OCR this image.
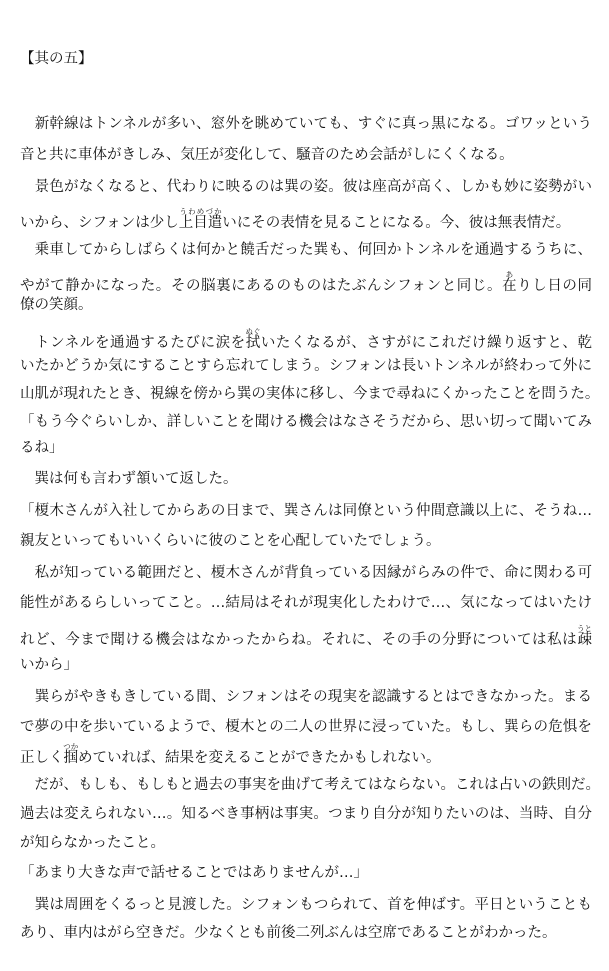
【其の五】
　新幹線はトンネルが多い、窓外を眺めていても、すぐに真っ黒になる。ゴワッという
音と共に車体がきしみ、気圧が変化して、騒音のため会話がしにくくなる。
　景色がなくなると、代わりに映るのは巽の姿。彼は座高が高く、しかも妙に姿勢がい
いから、シフォンは少し上目遣うわめづかいにその表情を見ることになる。今、彼は無表情だ。
　乗車してからしばらくは何かと饒舌だった巽も、何回かトンネルを通過するうちに、
やがて静かになった。その脳裏にあるのものはたぶんシフォンと同じ。在ありし日の同
僚の笑顔。
　トンネルを通過するたびに涙を拭ぬぐいたくなるが、さすがにこれだけ繰り返すと、乾
いたかどうか気にすることすら忘れてしまう。シフォンは長いトンネルが終わって外に
山肌が現れたとき、視線を傍から巽の実体に移し、今まで尋ねにくかったことを問うた。
「もう今ぐらいしか、詳しいことを聞ける機会はなさそうだから、思い切って聞いてみ
るね」
　巽は何も言わず頷いて返した。
「榎木さんが入社してからあの日まで、巽さんは同僚という仲間意識以上に、そうね…
親友といってもいいくらいに彼のことを心配していたでしょう。
　私が知っている範囲だと、榎木さんが背負っている因縁がらみの件で、命に関わる可
能性があるらしいってこと。…結局はそれが現実化したわけで…、気になってはいたけ
れど、今まで聞ける機会はなかったからね。それに、その手の分野については私は疎うと
いから」
　巽らがやきもきしている間、シフォンはその現実を認識するとはできなかった。まる
で夢の中を歩いているようで、榎木との二人の世界に浸っていた。もし、巽らの危惧を
正しく掴つかめていれば、結果を変えることができたかもしれない。
　だが、もしも、もしもと過去の事実を曲げて考えてはならない。これは占いの鉄則だ。
過去は変えられない…。知るべき事柄は事実。つまり自分が知りたいのは、当時、自分
が知らなかったこと。
「あまり大きな声で話せることではありませんが…」
　巽は周囲をくるっと見渡した。シフォンもつられて、首を伸ばす。平日ということも
あり、車内はがら空きだ。少なくとも前後二列ぶんは空席であることがわかった。
